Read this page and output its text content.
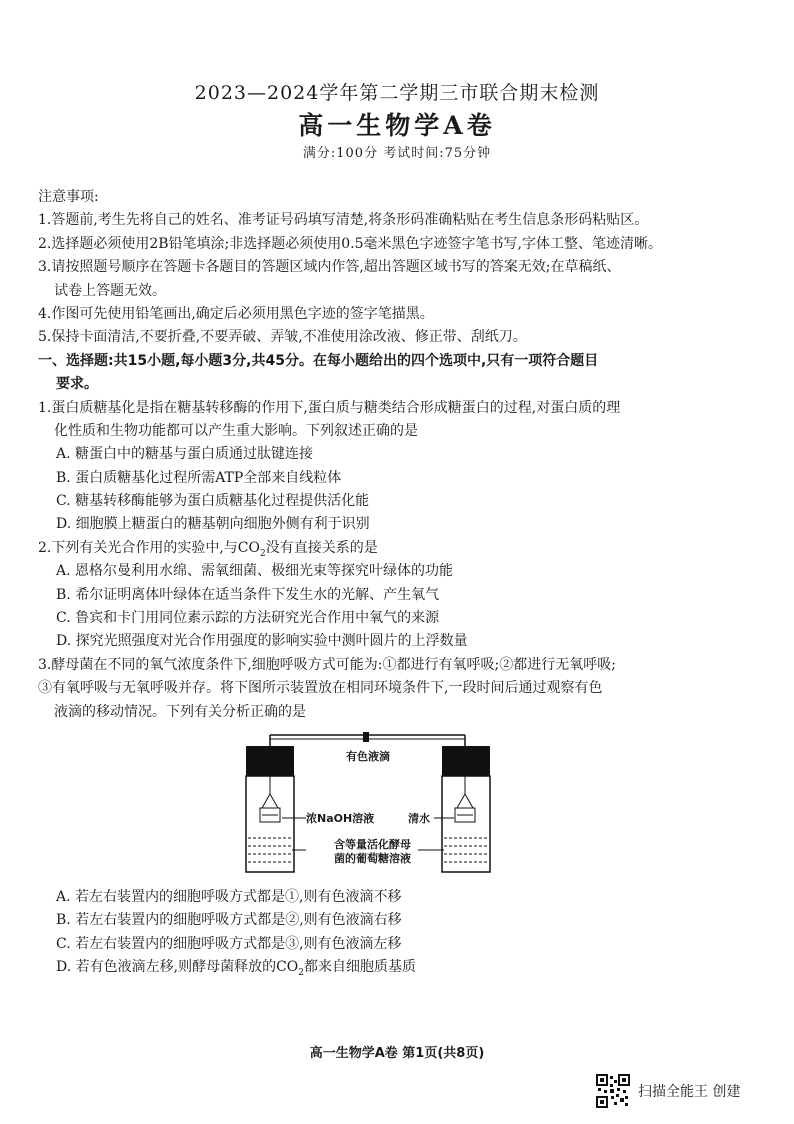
2023—2024学年第二学期三市联合期末检测
高一生物学A卷
满分:100分 考试时间:75分钟
注意事项:
1.答题前,考生先将自己的姓名、准考证号码填写清楚,将条形码准确粘贴在考生信息条形码粘贴区。
2.选择题必须使用2B铅笔填涂;非选择题必须使用0.5毫米黑色字迹签字笔书写,字体工整、笔迹清晰。
3.请按照题号顺序在答题卡各题目的答题区域内作答,超出答题区域书写的答案无效;在草稿纸、
试卷上答题无效。
4.作图可先使用铅笔画出,确定后必须用黑色字迹的签字笔描黑。
5.保持卡面清洁,不要折叠,不要弄破、弄皱,不准使用涂改液、修正带、刮纸刀。
一、选择题:共15小题,每小题3分,共45分。在每小题给出的四个选项中,只有一项符合题目
要求。
1.蛋白质糖基化是指在糖基转移酶的作用下,蛋白质与糖类结合形成糖蛋白的过程,对蛋白质的理
化性质和生物功能都可以产生重大影响。下列叙述正确的是
A. 糖蛋白中的糖基与蛋白质通过肽键连接
B. 蛋白质糖基化过程所需ATP全部来自线粒体
C. 糖基转移酶能够为蛋白质糖基化过程提供活化能
D. 细胞膜上糖蛋白的糖基朝向细胞外侧有利于识别
2.下列有关光合作用的实验中,与$CO_2$没有直接关系的是
A. 恩格尔曼利用水绵、需氧细菌、极细光束等探究叶绿体的功能
B. 希尔证明离体叶绿体在适当条件下发生水的光解、产生氧气
C. 鲁宾和卡门用同位素示踪的方法研究光合作用中氧气的来源
D. 探究光照强度对光合作用强度的影响实验中测叶圆片的上浮数量
3.酵母菌在不同的氧气浓度条件下,细胞呼吸方式可能为:①都进行有氧呼吸;②都进行无氧呼吸;
③有氧呼吸与无氧呼吸并存。将下图所示装置放在相同环境条件下,一段时间后通过观察有色
液滴的移动情况。下列有关分析正确的是
有色液滴
浓NaOH溶液	清水
含等量活化酵母
菌的葡萄糖溶液
A. 若左右装置内的细胞呼吸方式都是①,则有色液滴不移
B. 若左右装置内的细胞呼吸方式都是②,则有色液滴右移
C. 若左右装置内的细胞呼吸方式都是③,则有色液滴左移
D. 若有色液滴左移,则酵母菌释放的$CO_2$都来自细胞质基质
高一生物学A卷 第1页(共8页)
扫描全能王 创建
